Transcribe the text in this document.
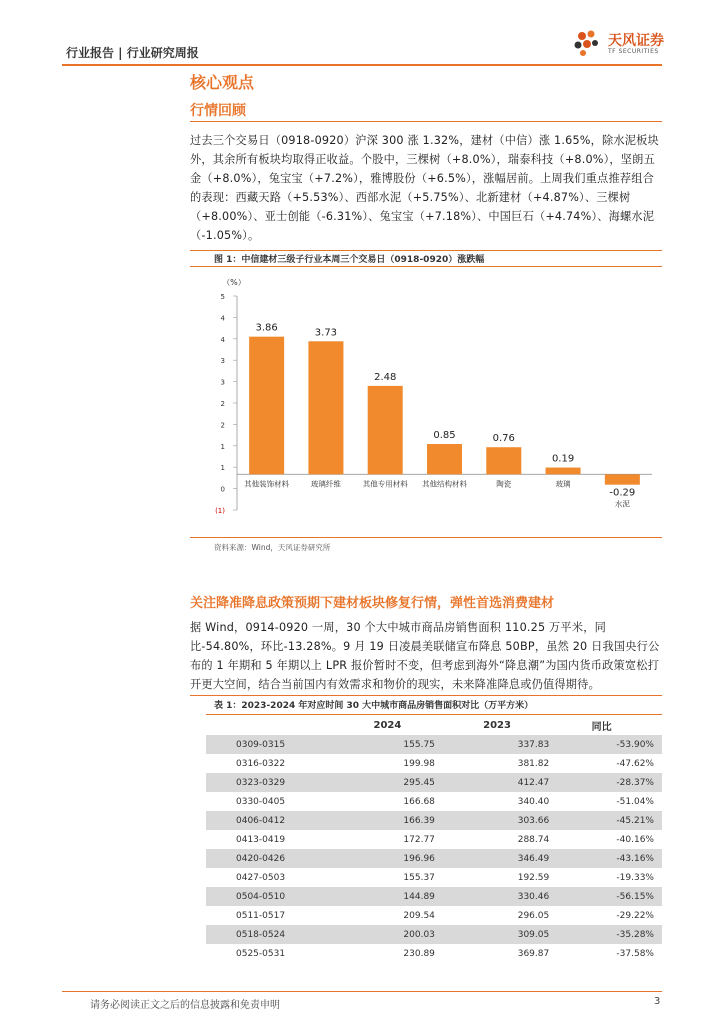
行业报告 | 行业研究周报
天风证券
TF SECURITIES
核心观点
行情回顾
过去三个交易日（0918-0920）沪深 300 涨 1.32%，建材（中信）涨 1.65%，除水泥板块外，其余所有板块均取得正收益。个股中，三棵树（+8.0%），瑞泰科技（+8.0%），坚朗五金（+8.0%），兔宝宝（+7.2%），雅博股份（+6.5%），涨幅居前。上周我们重点推荐组合的表现：西藏天路（+5.53%）、西部水泥（+5.75%）、北新建材（+4.87%）、三棵树（+8.00%）、亚士创能（-6.31%）、兔宝宝（+7.18%）、中国巨石（+4.74%）、海螺水泥（-1.05%）。
图 1：中信建材三级子行业本周三个交易日（0918-0920）涨跌幅
（%）
5
4
4
3
3
2
2
1
1
0
(1)
3.86
其他装饰材料
3.73
玻璃纤维
2.48
其他专用材料
0.85
其他结构材料
0.76
陶瓷
0.19
玻璃
-0.29
水泥
资料来源：Wind，天风证券研究所
关注降准降息政策预期下建材板块修复行情，弹性首选消费建材
据 Wind，0914-0920 一周，30 个大中城市商品房销售面积 110.25 万平米，同比-54.80%，环比-13.28%。9 月 19 日凌晨美联储宣布降息 50BP，虽然 20 日我国央行公布的 1 年期和 5 年期以上 LPR 报价暂时不变，但考虑到海外“降息潮”为国内货币政策宽松打开更大空间，结合当前国内有效需求和物价的现实，未来降准降息或仍值得期待。
表 1：2023-2024 年对应时间 30 大中城市商品房销售面积对比（万平方米）
	2024	2023	同比
0309-0315	155.75	337.83	-53.90%
0316-0322	199.98	381.82	-47.62%
0323-0329	295.45	412.47	-28.37%
0330-0405	166.68	340.40	-51.04%
0406-0412	166.39	303.66	-45.21%
0413-0419	172.77	288.74	-40.16%
0420-0426	196.96	346.49	-43.16%
0427-0503	155.37	192.59	-19.33%
0504-0510	144.89	330.46	-56.15%
0511-0517	209.54	296.05	-29.22%
0518-0524	200.03	309.05	-35.28%
0525-0531	230.89	369.87	-37.58%
请务必阅读正文之后的信息披露和免责申明	3
